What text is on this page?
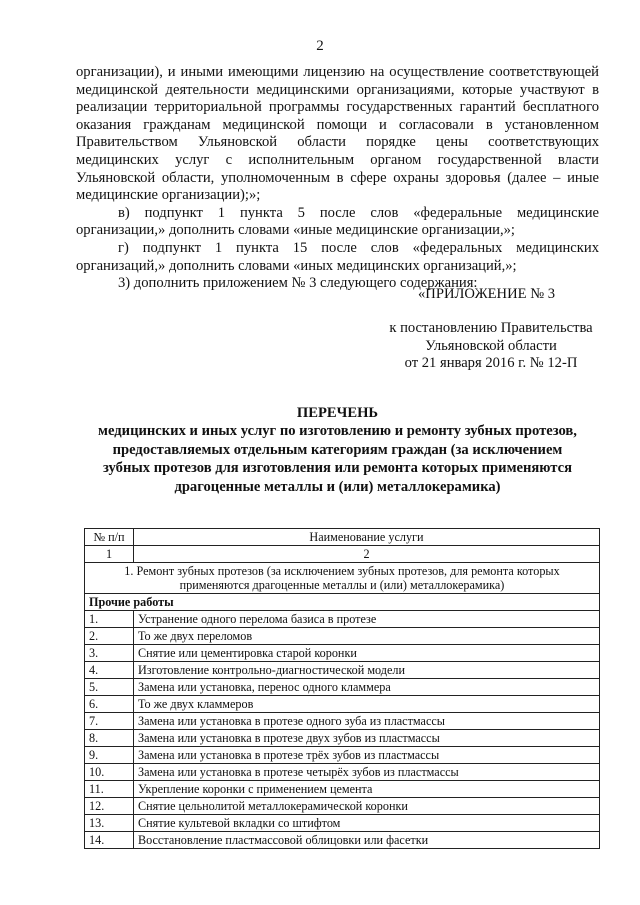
2

организации), и иными имеющими лицензию на осуществление соответствующей медицинской деятельности медицинскими организациями, которые участвуют в реализации территориальной программы государственных гарантий бесплатного оказания гражданам медицинской помощи и согласовали в установленном Правительством Ульяновской области порядке цены соответствующих медицинских услуг с исполнительным органом государственной власти Ульяновской области, уполномоченным в сфере охраны здоровья (далее – иные медицинские организации);»;

в) подпункт 1 пункта 5 после слов «федеральные медицинские организации,» дополнить словами «иные медицинские организации,»;

г) подпункт 1 пункта 15 после слов «федеральных медицинских организаций,» дополнить словами «иных медицинских организаций,»;

3) дополнить приложением № 3 следующего содержания:

«ПРИЛОЖЕНИЕ № 3
к постановлению Правительства
Ульяновской области
от 21 января 2016 г. № 12-П
ПЕРЕЧЕНЬ
медицинских и иных услуг по изготовлению и ремонту зубных протезов,
предоставляемых отдельным категориям граждан (за исключением
зубных протезов для изготовления или ремонта которых применяются
драгоценные металлы и (или) металлокерамика)
№ п/п	Наименование услуги
1	2
1. Ремонт зубных протезов (за исключением зубных протезов, для ремонта которых применяются драгоценные металлы и (или) металлокерамика)	
Прочие работы	
1.	Устранение одного перелома базиса в протезе
2.	То же двух переломов
3.	Снятие или цементировка старой коронки
4.	Изготовление контрольно-диагностической модели
5.	Замена или установка, перенос одного кламмера
6.	То же двух кламмеров
7.	Замена или установка в протезе одного зуба из пластмассы
8.	Замена или установка в протезе двух зубов из пластмассы
9.	Замена или установка в протезе трёх зубов из пластмассы
10.	Замена или установка в протезе четырёх зубов из пластмассы
11.	Укрепление коронки с применением цемента
12.	Снятие цельнолитой металлокерамической коронки
13.	Снятие культевой вкладки со штифтом
14.	Восстановление пластмассовой облицовки или фасетки
